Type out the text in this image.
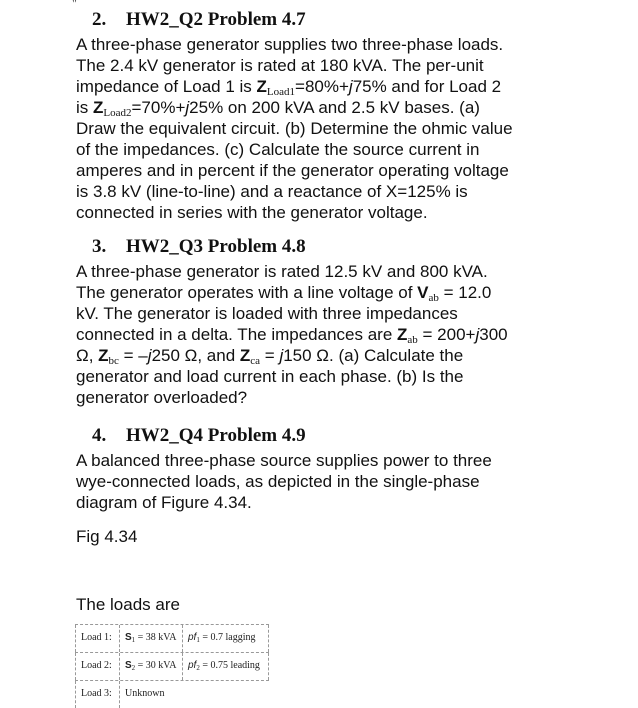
"
2. HW2_Q2 Problem 4.7
A three-phase generator supplies two three-phase loads.
The 2.4 kV generator is rated at 180 kVA. The per-unit
impedance of Load 1 is $Z_{Load1}=80\%+j75\%$ and for Load 2
is $Z_{Load2}=70\%+j25\%$ on 200 kVA and 2.5 kV bases. (a)
Draw the equivalent circuit. (b) Determine the ohmic value
of the impedances. (c) Calculate the source current in
amperes and in percent if the generator operating voltage
is 3.8 kV (line-to-line) and a reactance of X=125% is
connected in series with the generator voltage.
3. HW2_Q3 Problem 4.8
A three-phase generator is rated 12.5 kV and 800 kVA.
The generator operates with a line voltage of $V_{ab} = 12.0$
kV. The generator is loaded with three impedances
connected in a delta. The impedances are $Z_{ab} = 200+j300$
Ω, $Z_{bc} = -j250$ Ω, and $Z_{ca} = j150$ Ω. (a) Calculate the
generator and load current in each phase. (b) Is the
generator overloaded?
4. HW2_Q4 Problem 4.9
A balanced three-phase source supplies power to three
wye-connected loads, as depicted in the single-phase
diagram of Figure 4.34.
Fig 4.34
The loads are
Load 1: $S_1 = 38$ kVA $pf_1 = 0.7$ lagging
Load 2: $S_2 = 30$ kVA $pf_2 = 0.75$ leading
Load 3: Unknown
